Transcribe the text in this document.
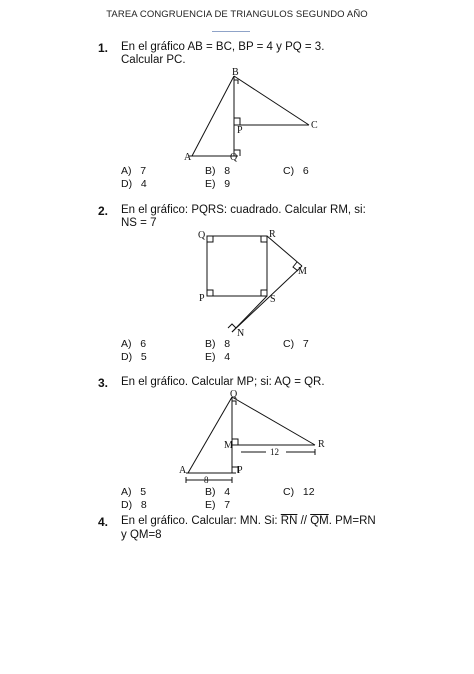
TAREA CONGRUENCIA DE TRIANGULOS SEGUNDO AÑO
1. En el gráfico AB = BC, BP = 4 y PQ = 3.
Calcular PC.
B
P	C
A	Q
A) 7	B) 8	C) 6
D) 4	E) 9
2. En el gráfico: PQRS: cuadrado. Calcular RM, si:
NS = 7
Q	R
M
P	S
N
A) 6	B) 8	C) 7
D) 5	E) 4
3. En el gráfico. Calcular MP; si: AQ = QR.
Q
M	R
12
A	P
8
A) 5	B) 4	C) 12
D) 8	E) 7
4. En el gráfico. Calcular: MN. Si: $\overline{RN} // \overline{QM}$. PM=RN
y QM=8
